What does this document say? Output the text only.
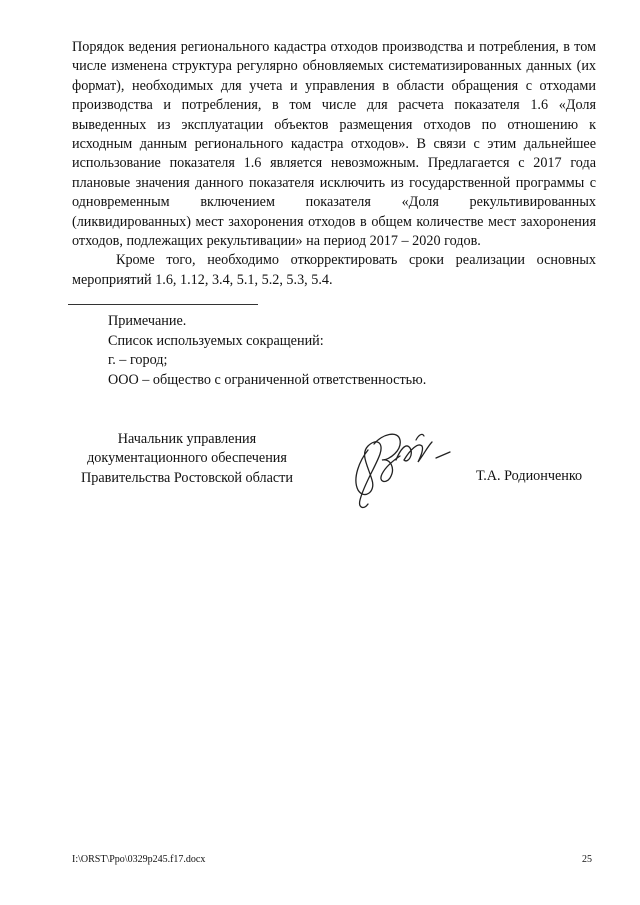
Порядок ведения регионального кадастра отходов производства и потребления, в том числе изменена структура регулярно обновляемых систематизированных данных (их формат), необходимых для учета и управления в области обращения с отходами производства и потребления, в том числе для расчета показателя 1.6 «Доля выведенных из эксплуатации объектов размещения отходов по отношению к исходным данным регионального кадастра отходов». В связи с этим дальнейшее использование показателя 1.6 является невозможным. Предлагается с 2017 года плановые значения данного показателя исключить из государственной программы с одновременным включением показателя «Доля рекультивированных (ликвидированных) мест захоронения отходов в общем количестве мест захоронения отходов, подлежащих рекультивации» на период 2017 – 2020 годов.

Кроме того, необходимо откорректировать сроки реализации основных мероприятий 1.6, 1.12, 3.4, 5.1, 5.2, 5.3, 5.4.

Примечание.
Список используемых сокращений:
г. – город;
ООО – общество с ограниченной ответственностью.
Начальник управления
документационного обеспечения
Правительства Ростовской области	Т.А. Родионченко
I:\ORST\Ppo\0329p245.f17.docx	25
